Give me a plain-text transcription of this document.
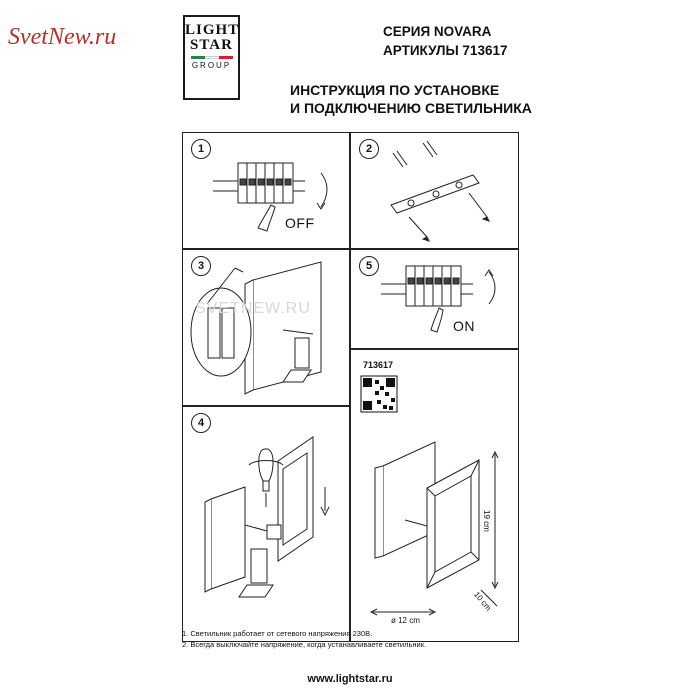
SvetNew.ru	LIGHT
STAR
GROUP
СЕРИЯ NOVARA
АРТИКУЛЫ 713617
ИНСТРУКЦИЯ ПО УСТАНОВКЕ
И ПОДКЛЮЧЕНИЮ СВЕТИЛЬНИКА
1
OFF
2
3	5
ON
4
713617
19 cm
10 cm
ø 12 cm
SVETNEW.RU
1. Светильник работает от сетевого напряжения 230В.
2. Всегда выключайте напряжение, когда устанавливаете светильник.
www.lightstar.ru
